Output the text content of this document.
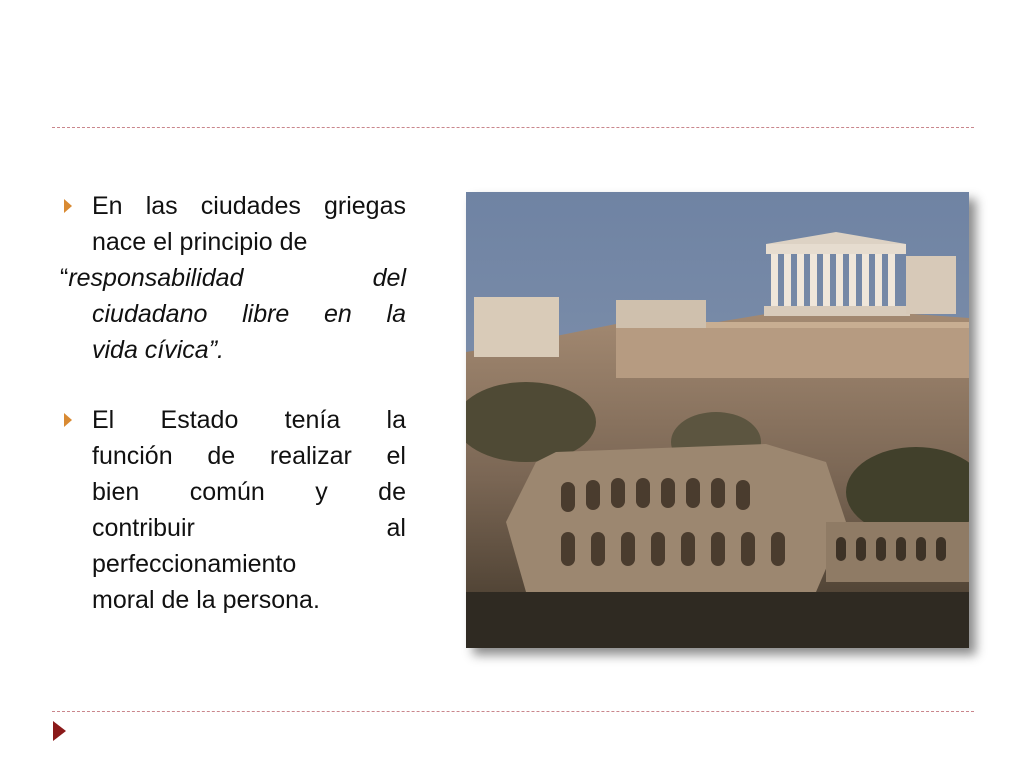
En las ciudades griegas
nace el principio de
“responsabilidad del
ciudadano libre en la
vida cívica”.
El Estado tenía la
función de realizar el
bien común y de
contribuir al
perfeccionamiento
moral de la persona.
